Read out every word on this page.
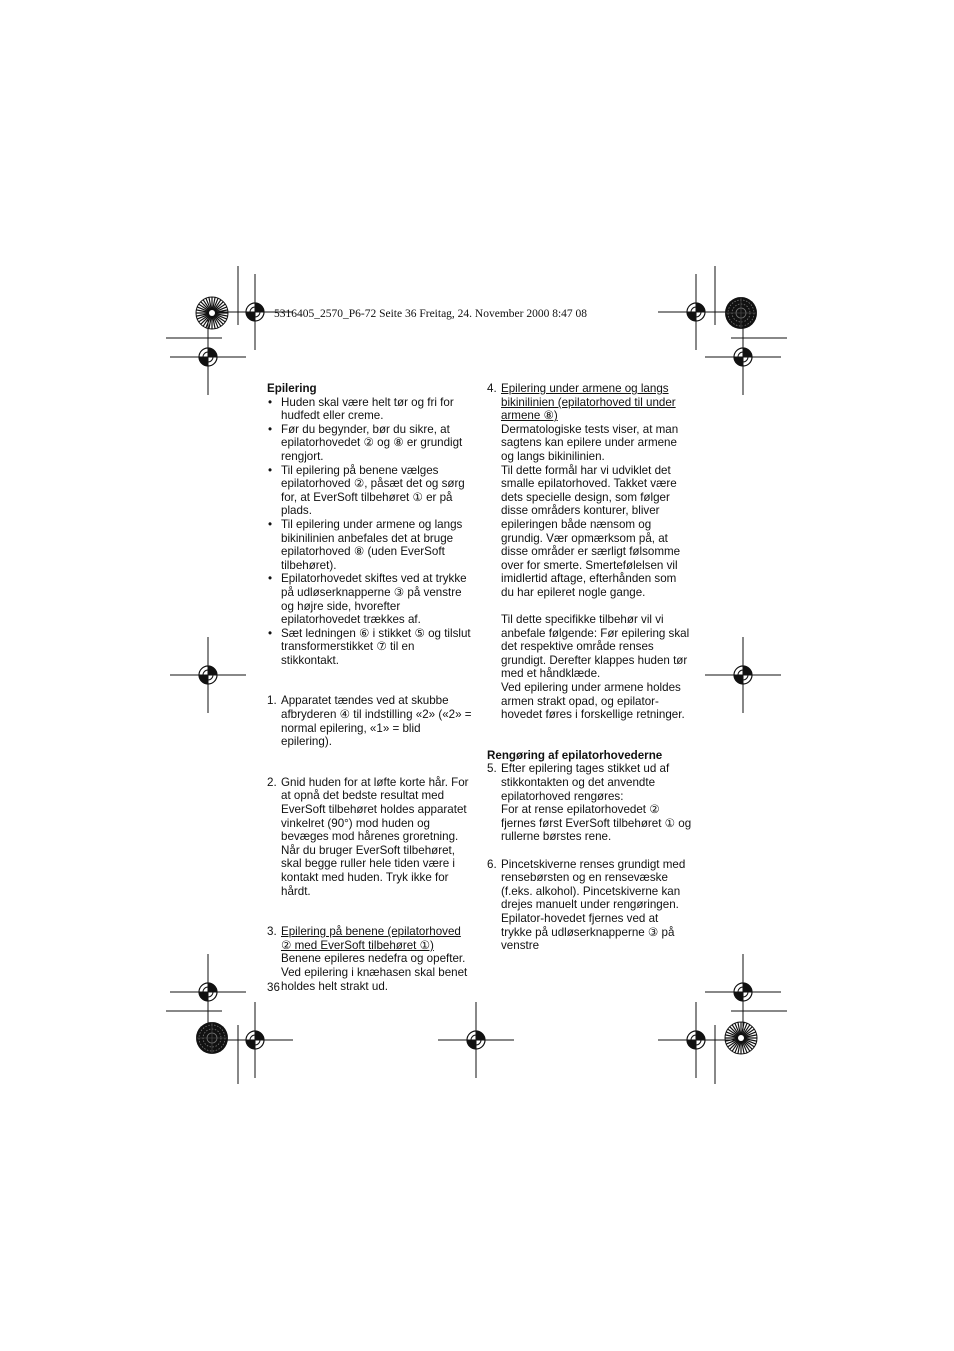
5316405_2570_P6-72 Seite 36 Freitag, 24. November 2000 8:47 08

Epilering

• Huden skal være helt tør og fri for hudfedt eller creme.
• Før du begynder, bør du sikre, at epilatorhovedet ② og ⑧ er grundigt rengjort.
• Til epilering på benene vælges epilatorhoved ②, påsæt det og sørg for, at EverSoft tilbehøret ① er på plads.
• Til epilering under armene og langs bikinilinien anbefales det at bruge epilatorhoved ⑧ (uden EverSoft tilbehøret).
• Epilatorhovedet skiftes ved at trykke på udløserknapperne ③ på venstre og højre side, hvorefter epilatorhovedet trækkes af.
• Sæt ledningen ⑥ i stikket ⑤ og tilslut transformerstikket ⑦ til en stikkontakt.
1. Apparatet tændes ved at skubbe afbryderen ④ til indstilling «2» («2» = normal epilering, «1» = blid epilering).
2. Gnid huden for at løfte korte hår. For at opnå det bedste resultat med EverSoft tilbehøret holdes apparatet vinkelret (90°) mod huden og bevæges mod hårenes groretning. Når du bruger EverSoft tilbehøret, skal begge ruller hele tiden være i kontakt med huden. Tryk ikke for hårdt.
3. Epilering på benene (epilatorhoved ② med EverSoft tilbehøret ①)
Benene epileres nedefra og opefter. Ved epilering i knæhasen skal benet holdes helt strakt ud.
4. Epilering under armene og langs bikinilinien (epilatorhoved til under armene ⑧)
Dermatologiske tests viser, at man sagtens kan epilere under armene og langs bikinilinien.
Til dette formål har vi udviklet det smalle epilatorhoved. Takket være dets specielle design, som følger disse områders konturer, bliver epileringen både nænsom og grundig. Vær opmærksom på, at disse områder er særligt følsomme over for smerte. Smertefølelsen vil imidlertid aftage, efterhånden som du har epileret nogle gange.
Til dette specifikke tilbehør vil vi anbefale følgende: Før epilering skal det respektive område renses grundigt. Derefter klappes huden tør med et håndklæde.
Ved epilering under armene holdes armen strakt opad, og epilator-hovedet føres i forskellige retninger.

Rengøring af epilatorhovederne

5. Efter epilering tages stikket ud af stikkontakten og det anvendte epilatorhoved rengøres:
For at rense epilatorhovedet ② fjernes først EverSoft tilbehøret ① og rullerne børstes rene.
6. Pincetskiverne renses grundigt med rensebørsten og en rensevæske (f.eks. alkohol). Pincetskiverne kan drejes manuelt under rengøringen. Epilator-hovedet fjernes ved at trykke på udløserknapperne ③ på venstre
36
